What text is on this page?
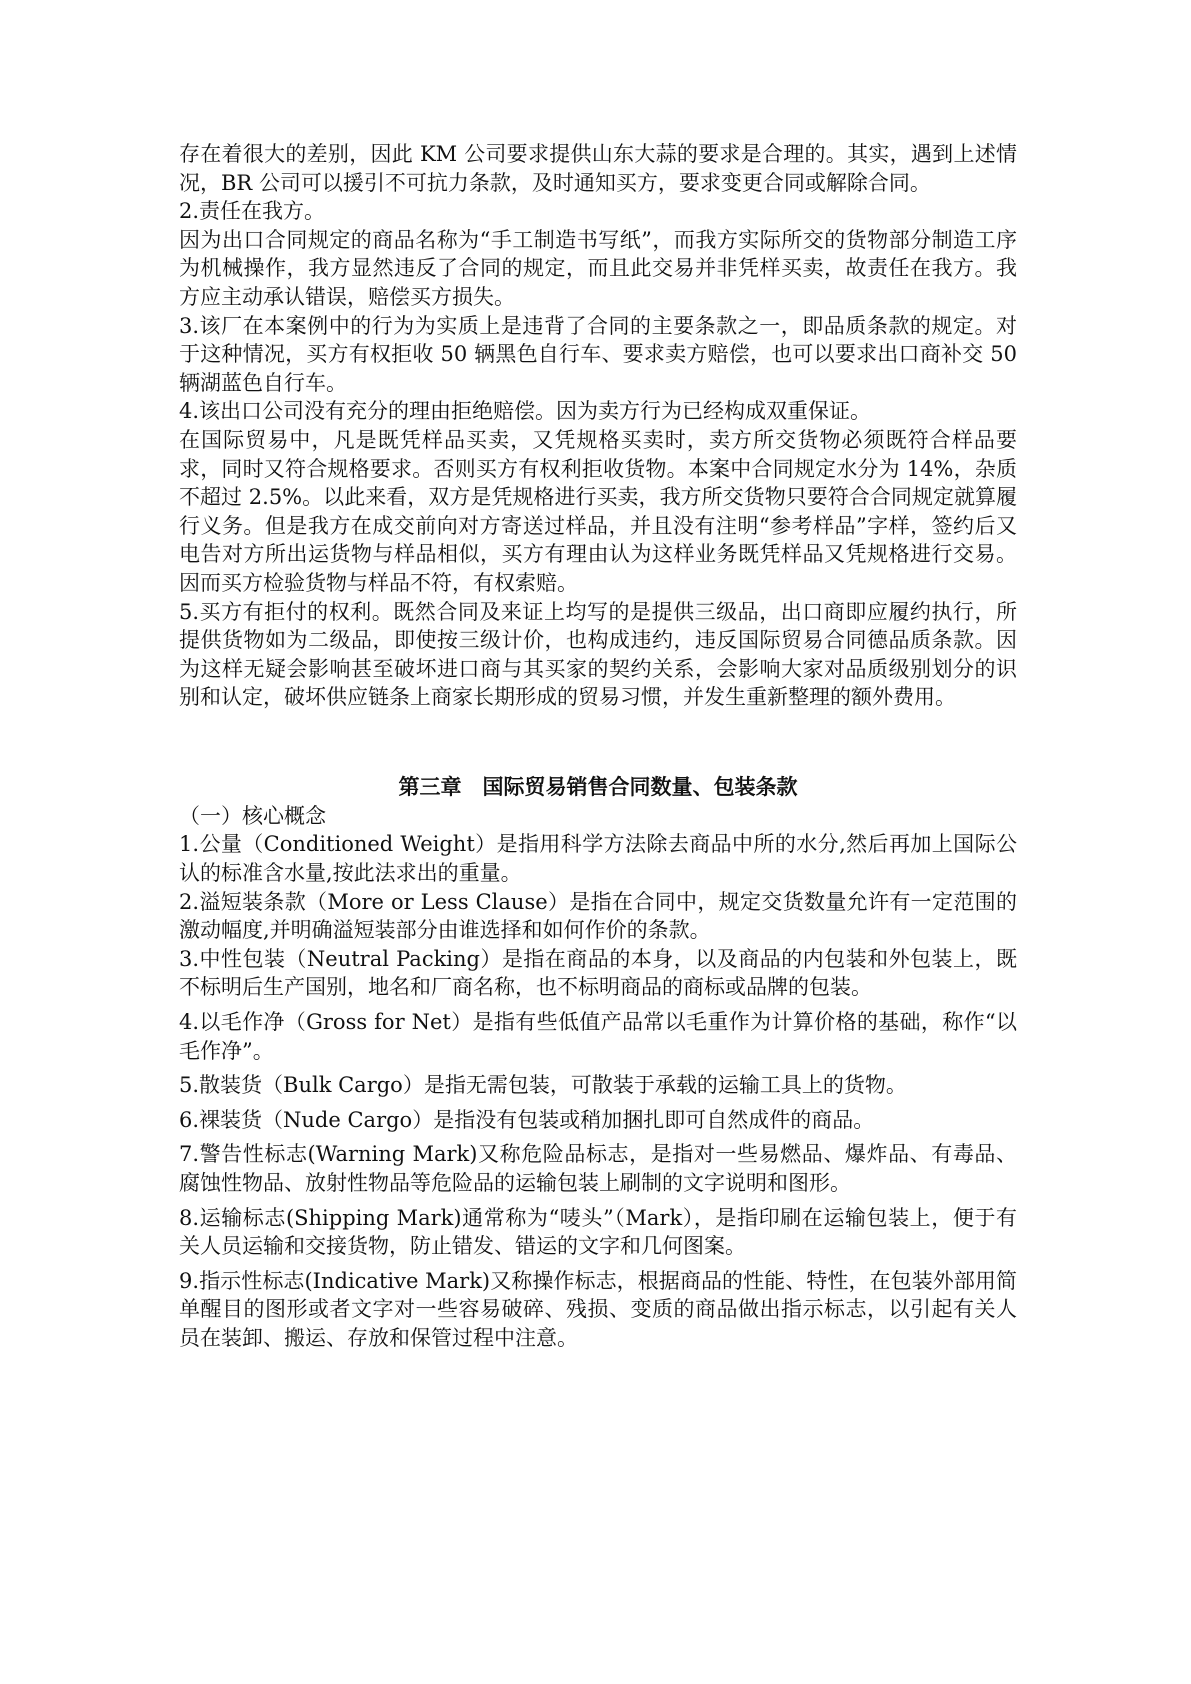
存在着很大的差别，因此 KM 公司要求提供山东大蒜的要求是合理的。其实，遇到上述情况，BR 公司可以援引不可抗力条款，及时通知买方，要求变更合同或解除合同。

2.责任在我方。

因为出口合同规定的商品名称为“手工制造书写纸”，而我方实际所交的货物部分制造工序为机械操作，我方显然违反了合同的规定，而且此交易并非凭样买卖，故责任在我方。我方应主动承认错误，赔偿买方损失。

3.该厂在本案例中的行为为实质上是违背了合同的主要条款之一，即品质条款的规定。对于这种情况，买方有权拒收 50 辆黑色自行车、要求卖方赔偿，也可以要求出口商补交 50 辆湖蓝色自行车。

4.该出口公司没有充分的理由拒绝赔偿。因为卖方行为已经构成双重保证。

在国际贸易中，凡是既凭样品买卖，又凭规格买卖时，卖方所交货物必须既符合样品要求，同时又符合规格要求。否则买方有权利拒收货物。本案中合同规定水分为 14%，杂质不超过 2.5%。以此来看，双方是凭规格进行买卖，我方所交货物只要符合合同规定就算履行义务。但是我方在成交前向对方寄送过样品，并且没有注明“参考样品”字样，签约后又电告对方所出运货物与样品相似，买方有理由认为这样业务既凭样品又凭规格进行交易。因而买方检验货物与样品不符，有权索赔。

5.买方有拒付的权利。既然合同及来证上均写的是提供三级品，出口商即应履约执行，所提供货物如为二级品，即使按三级计价，也构成违约，违反国际贸易合同德品质条款。因为这样无疑会影响甚至破坏进口商与其买家的契约关系，会影响大家对品质级别划分的识别和认定，破坏供应链条上商家长期形成的贸易习惯，并发生重新整理的额外费用。

第三章　国际贸易销售合同数量、包装条款

（一）核心概念

1.公量（Conditioned Weight）是指用科学方法除去商品中所的水分,然后再加上国际公认的标准含水量,按此法求出的重量。

2.溢短装条款（More or Less Clause）是指在合同中，规定交货数量允许有一定范围的激动幅度,并明确溢短装部分由谁选择和如何作价的条款。

3.中性包装（Neutral Packing）是指在商品的本身，以及商品的内包装和外包装上，既不标明后生产国别，地名和厂商名称，也不标明商品的商标或品牌的包装。

4.以毛作净（Gross for Net）是指有些低值产品常以毛重作为计算价格的基础，称作“以毛作净”。

5.散装货（Bulk Cargo）是指无需包装，可散装于承载的运输工具上的货物。

6.裸装货（Nude Cargo）是指没有包装或稍加捆扎即可自然成件的商品。

7.警告性标志(Warning Mark)又称危险品标志，是指对一些易燃品、爆炸品、有毒品、腐蚀性物品、放射性物品等危险品的运输包装上刷制的文字说明和图形。

8.运输标志(Shipping Mark)通常称为“唛头”（Mark），是指印刷在运输包装上，便于有关人员运输和交接货物，防止错发、错运的文字和几何图案。

9.指示性标志(Indicative Mark)又称操作标志，根据商品的性能、特性，在包装外部用简单醒目的图形或者文字对一些容易破碎、残损、变质的商品做出指示标志，以引起有关人员在装卸、搬运、存放和保管过程中注意。
